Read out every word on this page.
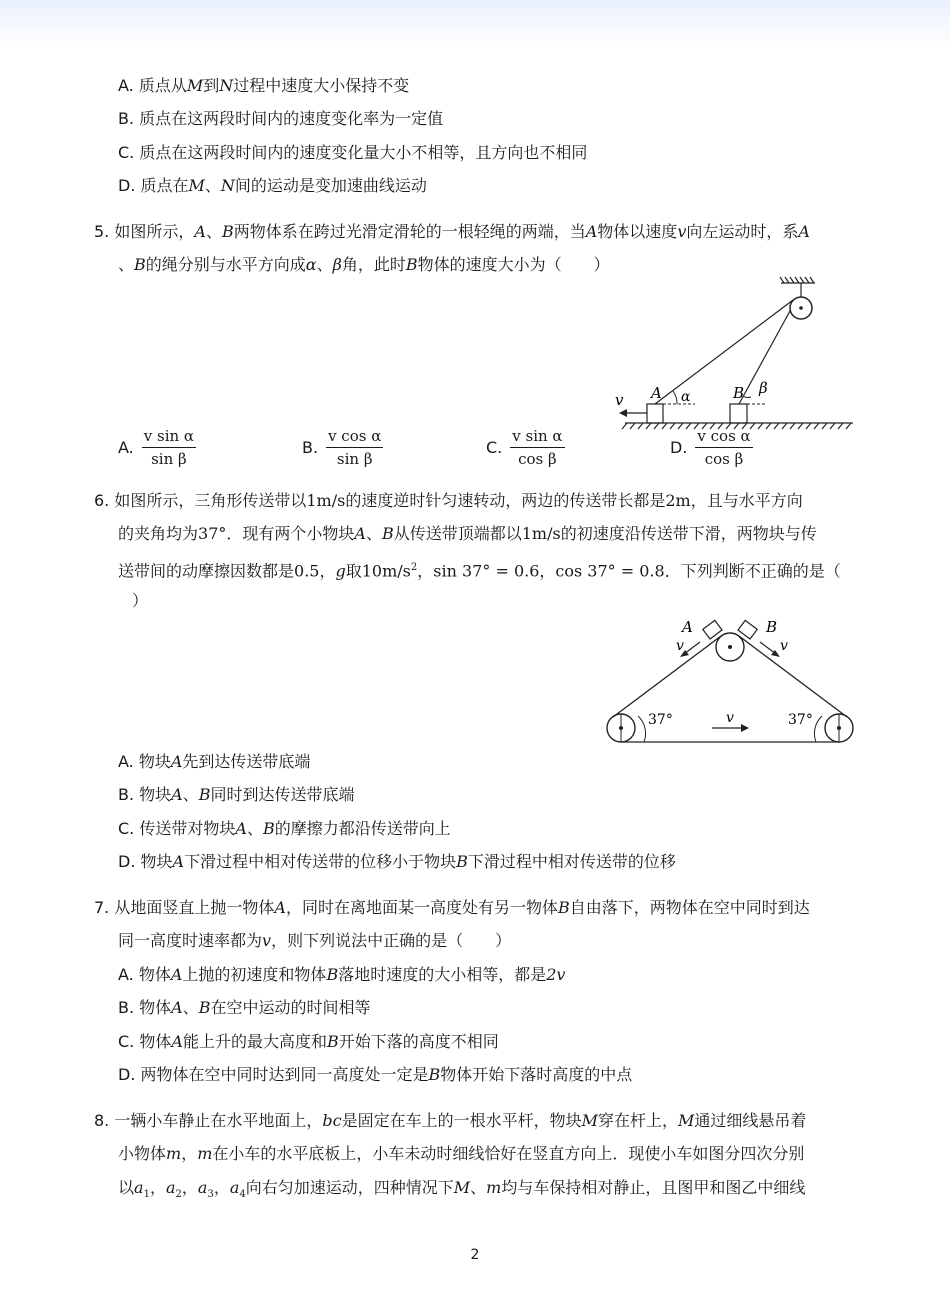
A. 质点从M到N过程中速度大小保持不变
B. 质点在这两段时间内的速度变化率为一定值
C. 质点在这两段时间内的速度变化量大小不相等，且方向也不相同
D. 质点在M、N间的运动是变加速曲线运动
5. 如图所示，A、B两物体系在跨过光滑定滑轮的一根轻绳的两端，当A物体以速度v向左运动时，系A
、B的绳分别与水平方向成α、β角，此时B物体的速度大小为（　　）
v A α	B β
A. $\frac{\text{v sin α}}{\text{sin β}}$	B. $\frac{\text{v cos α}}{\text{sin β}}$	C. $\frac{\text{v sin α}}{\text{cos β}}$	D. $\frac{\text{v cos α}}{\text{cos β}}$
6. 如图所示，三角形传送带以1m/s的速度逆时针匀速转动，两边的传送带长都是2m，且与水平方向
的夹角均为37°．现有两个小物块A、B从传送带顶端都以1m/s的初速度沿传送带下滑，两物块与传
送带间的动摩擦因数都是0.5，g取$10m/s^2$，sin 37° = 0.6，cos 37° = 0.8．下列判断不正确的是（
）
A	B
v	v
37°	37°
v
A. 物块A先到达传送带底端
B. 物块A、B同时到达传送带底端
C. 传送带对物块A、B的摩擦力都沿传送带向上
D. 物块A下滑过程中相对传送带的位移小于物块B下滑过程中相对传送带的位移
7. 从地面竖直上抛一物体A，同时在离地面某一高度处有另一物体B自由落下，两物体在空中同时到达
同一高度时速率都为v，则下列说法中正确的是（　　）
A. 物体A上抛的初速度和物体B落地时速度的大小相等，都是2v
B. 物体A、B在空中运动的时间相等
C. 物体A能上升的最大高度和B开始下落的高度不相同
D. 两物体在空中同时达到同一高度处一定是B物体开始下落时高度的中点
8. 一辆小车静止在水平地面上，bc是固定在车上的一根水平杆，物块M穿在杆上，M通过细线悬吊着
小物体m，m在小车的水平底板上，小车未动时细线恰好在竖直方向上．现使小车如图分四次分别
以$a_1$，$a_2$，$a_3$，$a_4$向右匀加速运动，四种情况下M、m均与车保持相对静止，且图甲和图乙中细线
2
